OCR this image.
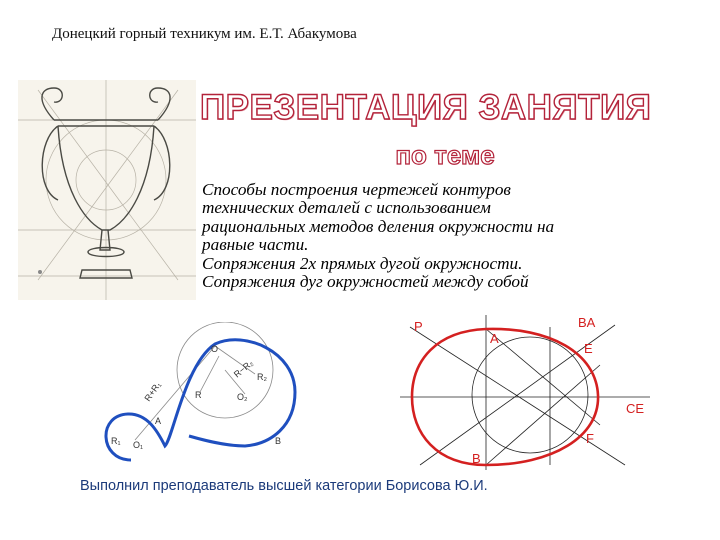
Донецкий горный техникум им. Е.Т. Абакумова
ПРЕЗЕНТАЦИЯ ЗАНЯТИЯ
по теме
Способы построения чертежей контуров
технических деталей с использованием
рациональных методов деления окружности на
равные части.
Сопряжения 2х прямых дугой окружности.
Сопряжения дуг окружностей между собой
O
O₁
O₂
R
R₁
R₂
R+R₁
R−R₂
A
B
P
A
B
E
F
BA
CE
Выполнил преподаватель высшей категории Борисова Ю.И.
